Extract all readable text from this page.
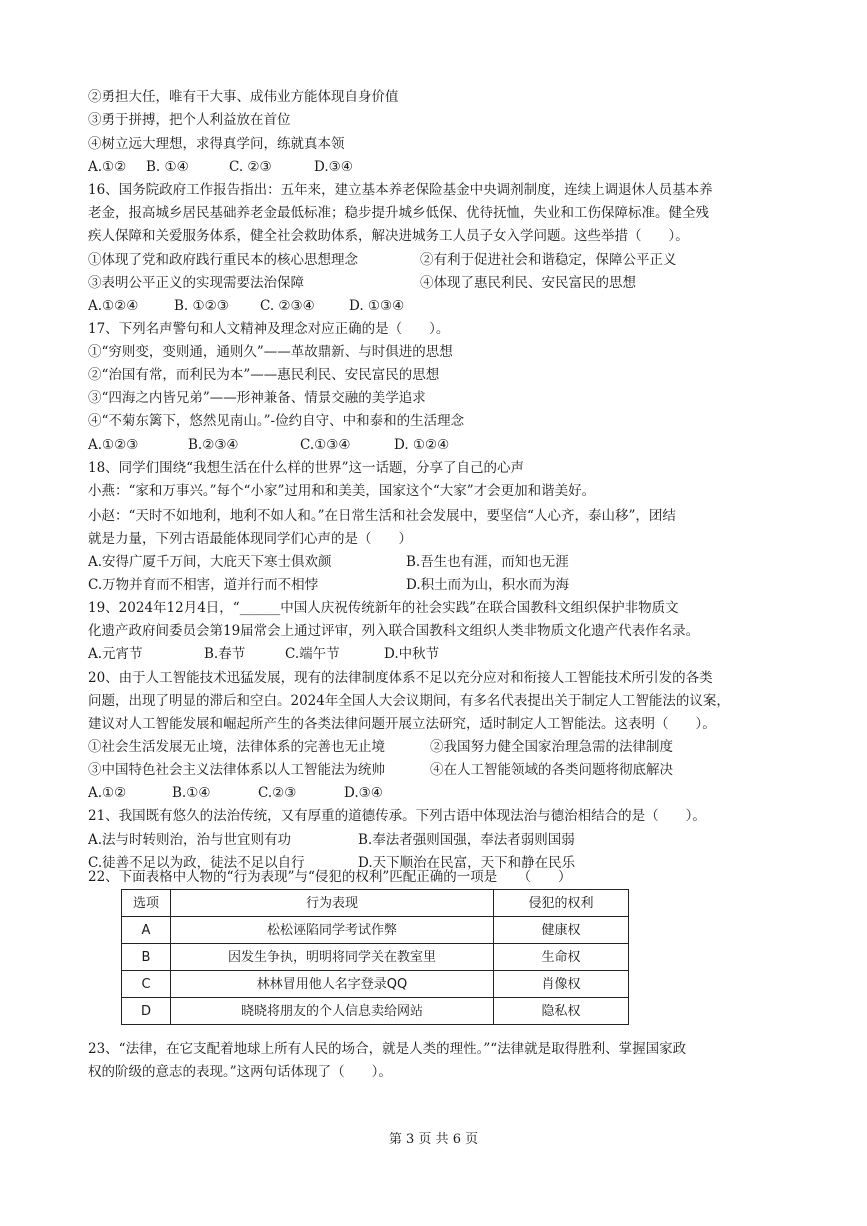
②勇担大任，唯有干大事、成伟业方能体现自身价值
③勇于拼搏，把个人利益放在首位
④树立远大理想，求得真学问，练就真本领
A.①② B. ①④	C. ②③	D.③④
16、国务院政府工作报告指出：五年来，建立基本养老保险基金中央调剂制度，连续上调退休人员基本养
老金，报高城乡居民基础养老金最低标准；稳步提升城乡低保、优待抚恤，失业和工伤保障标准。健全残
疾人保障和关爱服务体系，健全社会救助体系，解决进城务工人员子女入学问题。这些举措（　　）。
①体现了党和政府践行重民本的核心思想理念	②有利于促进社会和谐稳定，保障公平正义
③表明公平正义的实现需要法治保障	④体现了惠民利民、安民富民的思想
A.①②④	B. ①②③ C. ②③④	D. ①③④
17、下列名声警句和人文精神及理念对应正确的是（　　）。
①“穷则变，变则通，通则久”——革故鼎新、与时俱进的思想
②“治国有常，而利民为本”——惠民利民、安民富民的思想
③“四海之内皆兄弟”——形神兼备、情景交融的美学追求
④“不菊东篱下，悠然见南山。”-俭约自守、中和泰和的生活理念
A.①②③	B.②③④	C.①③④	D. ①②④
18、同学们围绕“我想生活在什么样的世界”这一话题，分享了自己的心声
小燕：“家和万事兴。”每个“小家”过用和和美美，国家这个“大家”才会更加和谐美好。
小赵：“天时不如地利，地利不如人和。”在日常生活和社会发展中，要坚信“人心齐，泰山移”，团结
就是力量，下列古语最能体现同学们心声的是（　　）
A.安得广厦千万间，大庇天下寒士俱欢颜	B.吾生也有涯，而知也无涯
C.万物并育而不相害，道并行而不相悖	D.积土而为山，积水而为海
19、2024年12月4日，“______中国人庆祝传统新年的社会实践”在联合国教科文组织保护非物质文
化遗产政府间委员会第19届常会上通过评审，列入联合国教科文组织人类非物质文化遗产代表作名录。
A.元宵节	B.春节	C.端午节	D.中秋节
20、由于人工智能技术迅猛发展，现有的法律制度体系不足以充分应对和衔接人工智能技术所引发的各类
问题，出现了明显的滞后和空白。2024年全国人大会议期间，有多名代表提出关于制定人工智能法的议案，
建议对人工智能发展和崛起所产生的各类法律问题开展立法研究，适时制定人工智能法。这表明（　　）。
①社会生活发展无止境，法律体系的完善也无止境	②我国努力健全国家治理急需的法律制度
③中国特色社会主义法律体系以人工智能法为统帅	④在人工智能领域的各类问题将彻底解决
A.①②	B.①④	C.②③	D.③④
21、我国既有悠久的法治传统，又有厚重的道德传承。下列古语中体现法治与德治相结合的是（　　）。
A.法与时转则治，治与世宜则有功	B.奉法者强则国强，奉法者弱则国弱
C.徒善不足以为政，徒法不足以自行	D.天下顺治在民富，天下和静在民乐
22、下面表格中人物的“行为表现”与“侵犯的权利”匹配正确的一项是　　（　　）
选项	行为表现	侵犯的权利
A	松松诬陷同学考试作弊	健康权
B	因发生争执，明明将同学关在教室里	生命权
C	林林冒用他人名字登录QQ	肖像权
D	晓晓将朋友的个人信息卖给网站	隐私权
23、“法律，在它支配着地球上所有人民的场合，就是人类的理性。”“法律就是取得胜利、掌握国家政
权的阶级的意志的表现。”这两句话体现了（　　）。
第 3 页 共 6 页
